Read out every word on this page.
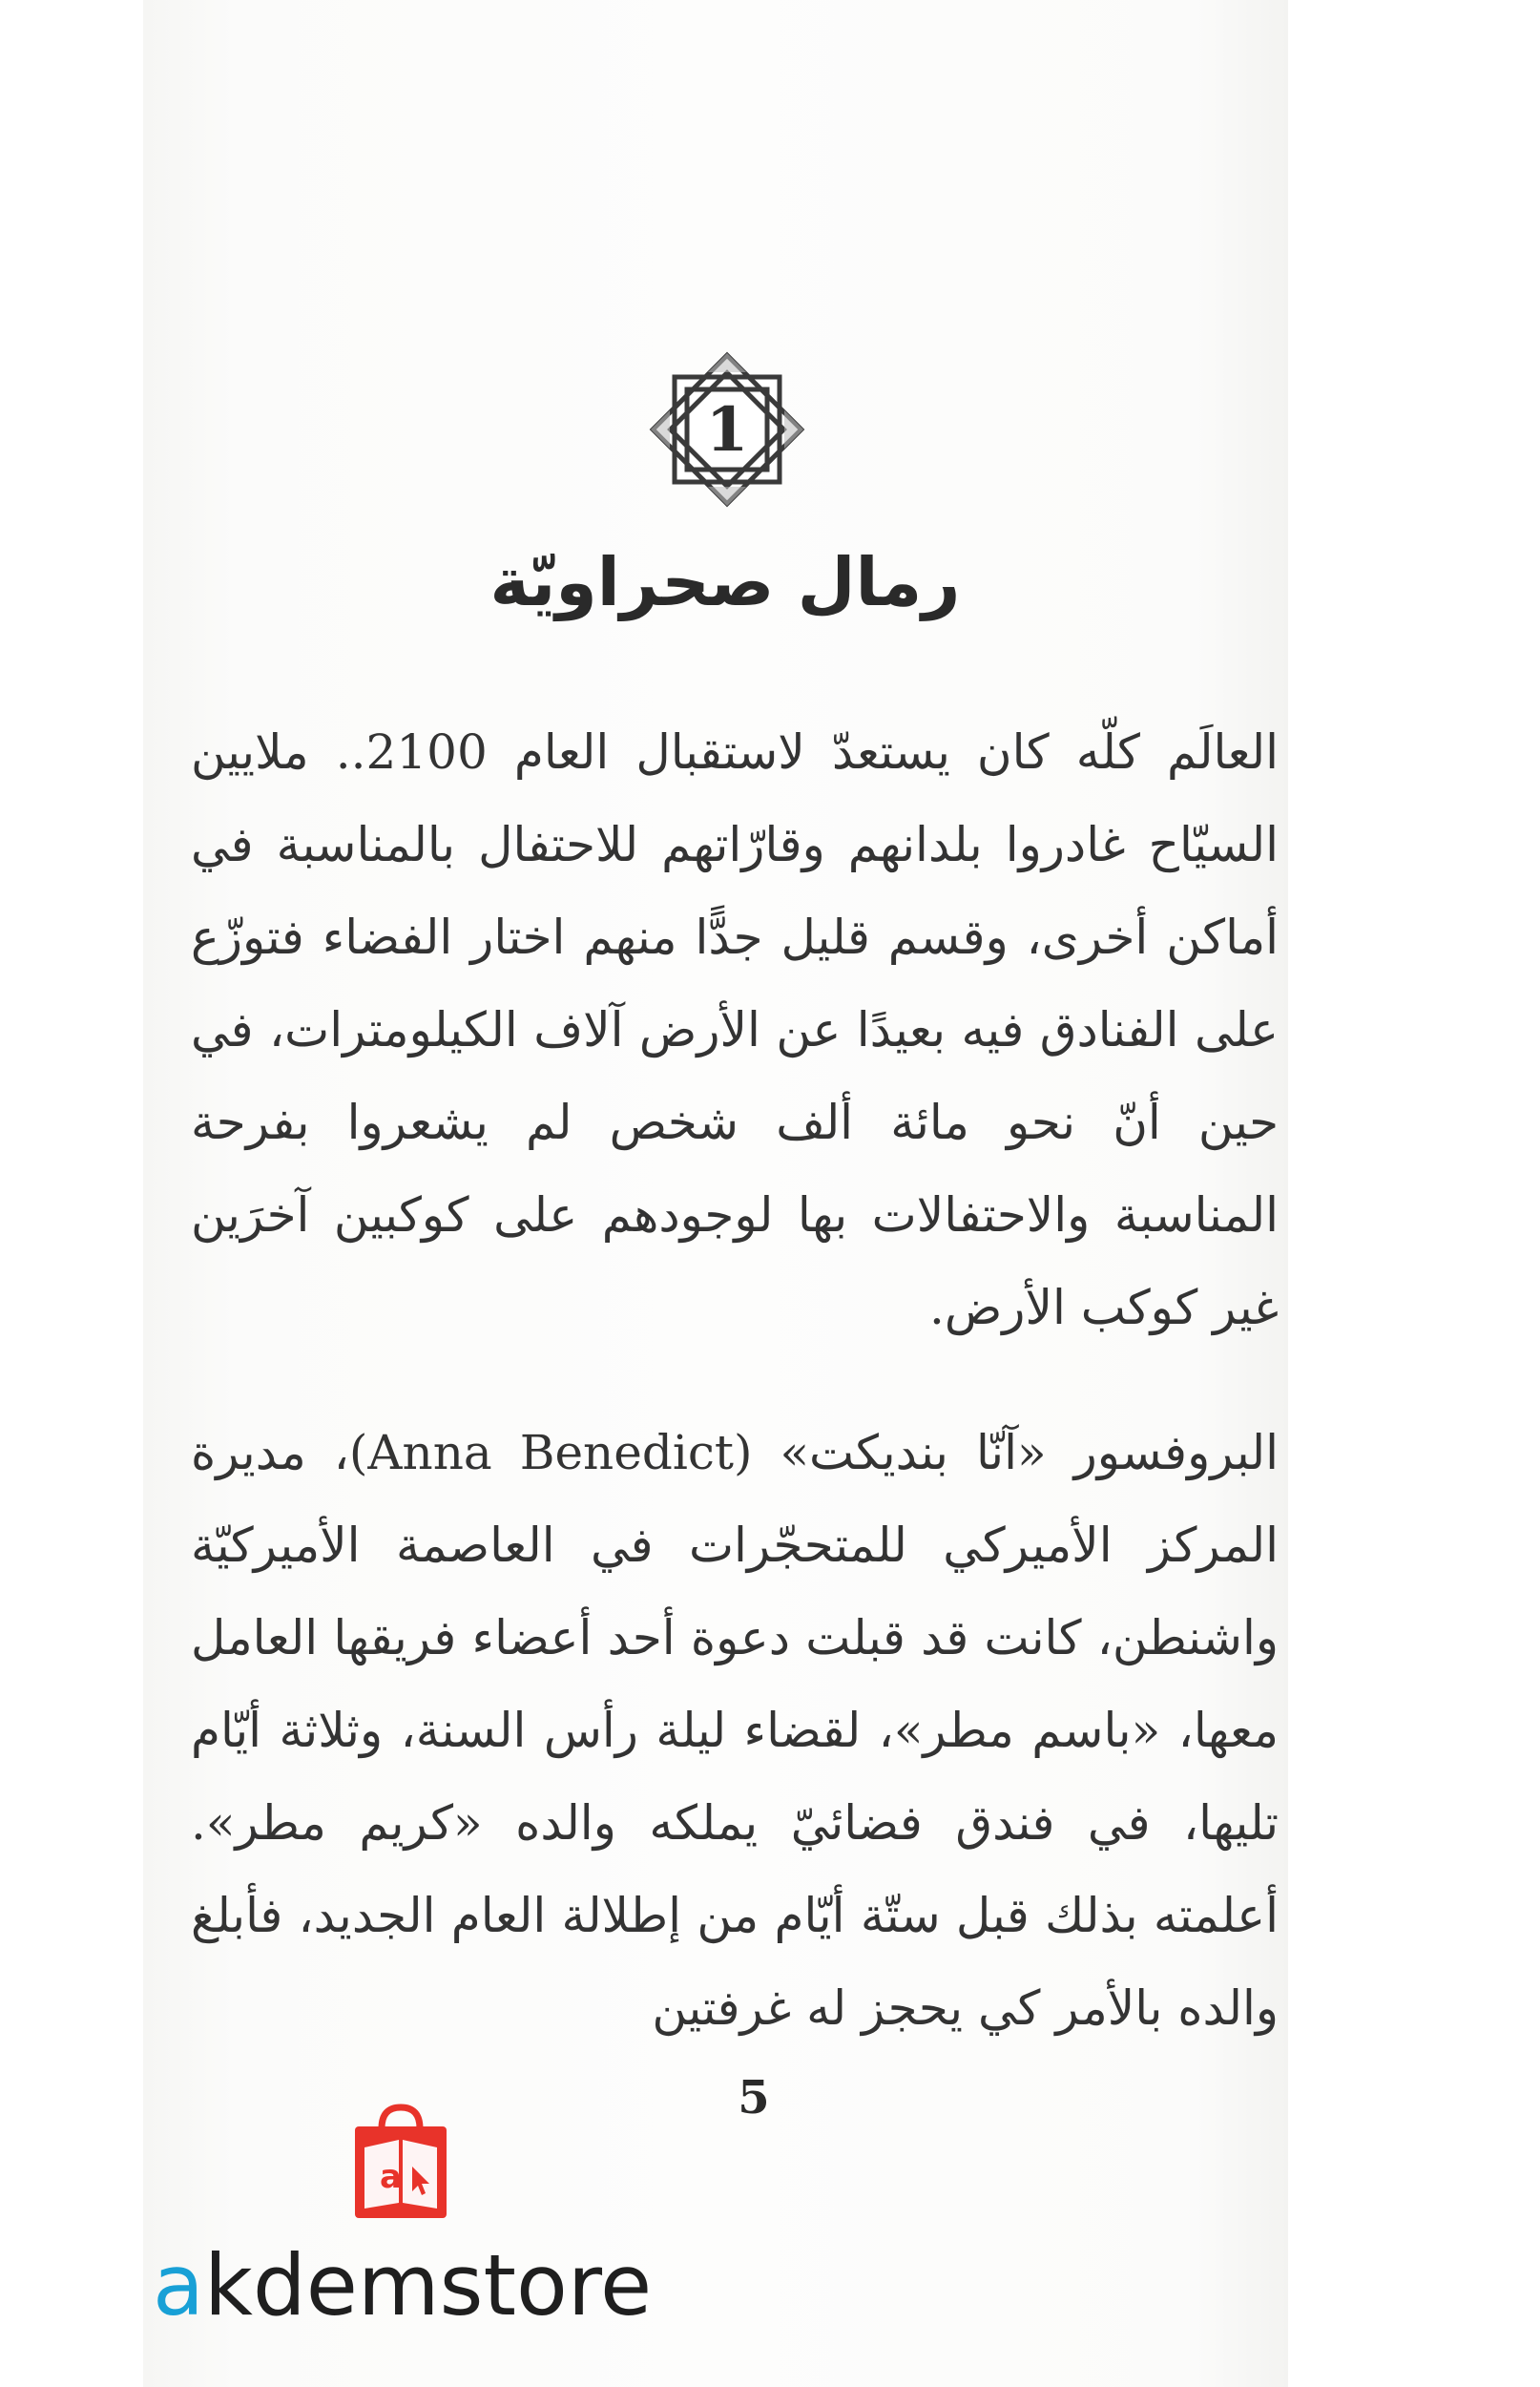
1
رمال صحراويّة

العالَم كلّه كان يستعدّ لاستقبال العام 2100.. ملايين السيّاح غادروا بلدانهم وقارّاتهم للاحتفال بالمناسبة في أماكن أخرى، وقسم قليل جدًّا منهم اختار الفضاء فتوزّع على الفنادق فيه بعيدًا عن الأرض آلاف الكيلومترات، في حين أنّ نحو مائة ألف شخص لم يشعروا بفرحة المناسبة والاحتفالات بها لوجودهم على كوكبين آخرَين غير كوكب الأرض.

البروفسور «آنّا بنديكت» (Anna Benedict)، مديرة المركز الأميركي للمتحجّرات في العاصمة الأميركيّة واشنطن، كانت قد قبلت دعوة أحد أعضاء فريقها العامل معها، «باسم مطر»، لقضاء ليلة رأس السنة، وثلاثة أيّام تليها، في فندق فضائيّ يملكه والده «كريم مطر». أعلمته بذلك قبل ستّة أيّام من إطلالة العام الجديد، فأبلغ والده بالأمر كي يحجز له غرفتين

5
a
akdemstore
